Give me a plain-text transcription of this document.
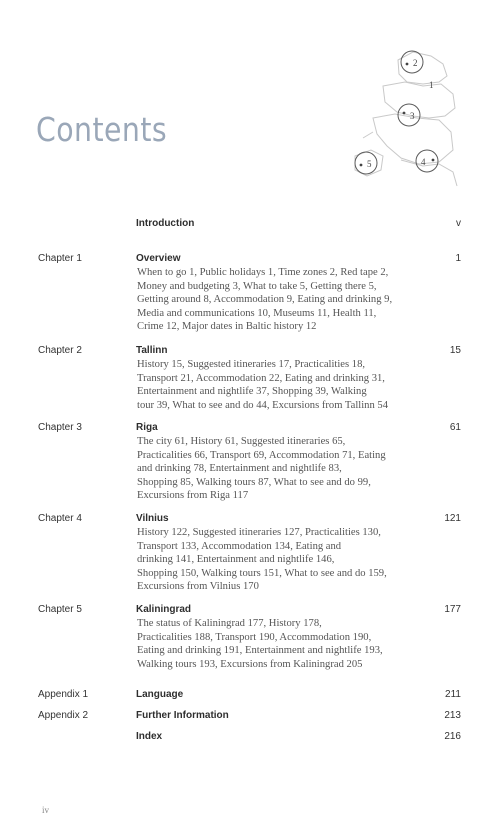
Contents
2
1
3
5	4
Introduction	v
Chapter 1	Overview	1
When to go 1, Public holidays 1, Time zones 2, Red tape 2,
Money and budgeting 3, What to take 5, Getting there 5,
Getting around 8, Accommodation 9, Eating and drinking 9,
Media and communications 10, Museums 11, Health 11,
Crime 12, Major dates in Baltic history 12
Chapter 2	Tallinn	15
History 15, Suggested itineraries 17, Practicalities 18,
Transport 21, Accommodation 22, Eating and drinking 31,
Entertainment and nightlife 37, Shopping 39, Walking
tour 39, What to see and do 44, Excursions from Tallinn 54
Chapter 3	Riga	61
The city 61, History 61, Suggested itineraries 65,
Practicalities 66, Transport 69, Accommodation 71, Eating
and drinking 78, Entertainment and nightlife 83,
Shopping 85, Walking tours 87, What to see and do 99,
Excursions from Riga 117
Chapter 4	Vilnius	121
History 122, Suggested itineraries 127, Practicalities 130,
Transport 133, Accommodation 134, Eating and
drinking 141, Entertainment and nightlife 146,
Shopping 150, Walking tours 151, What to see and do 159,
Excursions from Vilnius 170
Chapter 5	Kaliningrad	177
The status of Kaliningrad 177, History 178,
Practicalities 188, Transport 190, Accommodation 190,
Eating and drinking 191, Entertainment and nightlife 193,
Walking tours 193, Excursions from Kaliningrad 205
Appendix 1	Language	211
Appendix 2	Further Information	213
Index	216
iv
